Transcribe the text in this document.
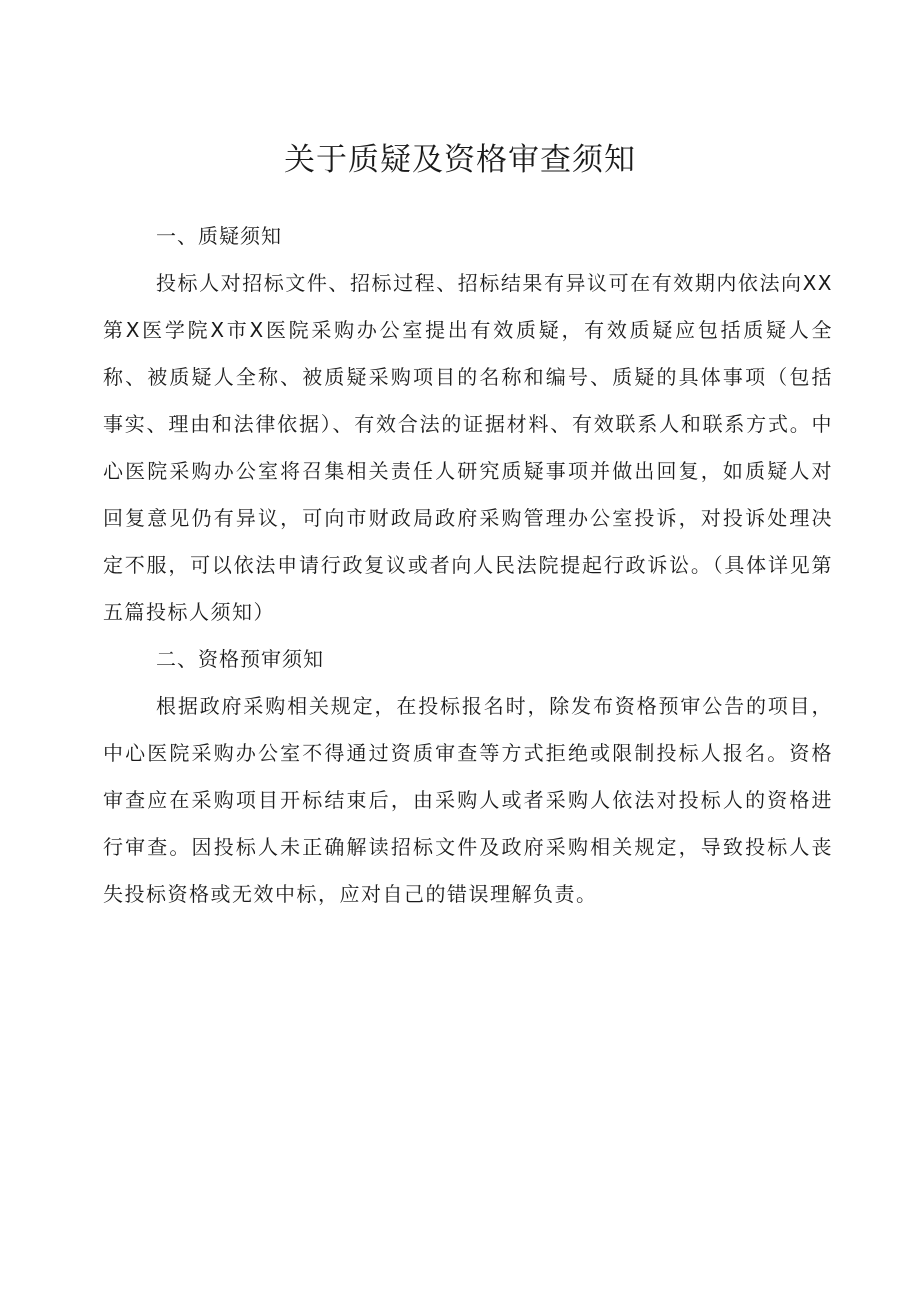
关于质疑及资格审查须知

一、质疑须知

投标人对招标文件、招标过程、招标结果有异议可在有效期内依法向XX第X医学院X市X医院采购办公室提出有效质疑，有效质疑应包括质疑人全称、被质疑人全称、被质疑采购项目的名称和编号、质疑的具体事项（包括事实、理由和法律依据）、有效合法的证据材料、有效联系人和联系方式。中心医院采购办公室将召集相关责任人研究质疑事项并做出回复，如质疑人对回复意见仍有异议，可向市财政局政府采购管理办公室投诉，对投诉处理决定不服，可以依法申请行政复议或者向人民法院提起行政诉讼。（具体详见第五篇投标人须知）

二、资格预审须知

根据政府采购相关规定，在投标报名时，除发布资格预审公告的项目，中心医院采购办公室不得通过资质审查等方式拒绝或限制投标人报名。资格审查应在采购项目开标结束后，由采购人或者采购人依法对投标人的资格进行审查。因投标人未正确解读招标文件及政府采购相关规定，导致投标人丧失投标资格或无效中标，应对自己的错误理解负责。
